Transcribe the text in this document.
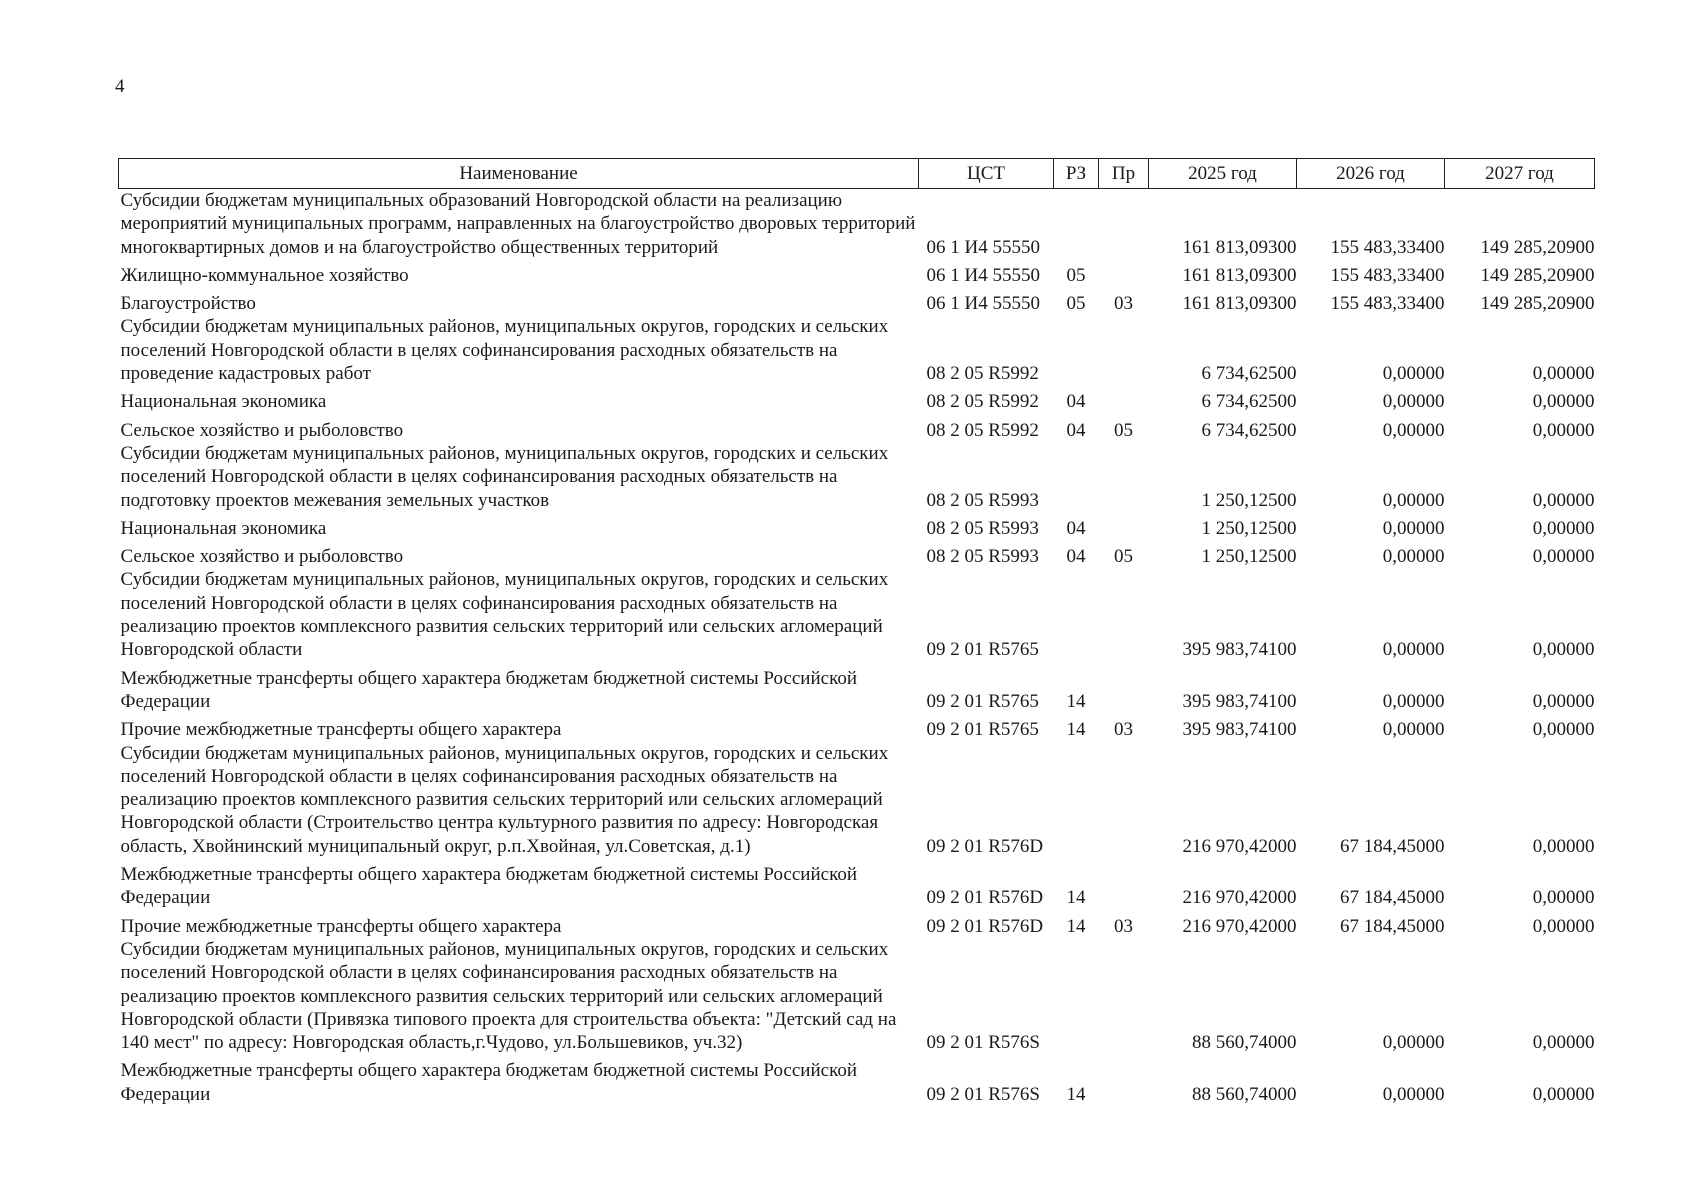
4
Наименование	ЦСТ	РЗ	Пр	2025 год	2026 год	2027 год
Субсидии бюджетам муниципальных образований Новгородской области на реализацию мероприятий муниципальных программ, направленных на благоустройство дворовых территорий многоквартирных домов и на благоустройство общественных территорий	06 1 И4 55550			161 813,09300	155 483,33400	149 285,20900
Жилищно-коммунальное хозяйство	06 1 И4 55550	05		161 813,09300	155 483,33400	149 285,20900
Благоустройство	06 1 И4 55550	05	03	161 813,09300	155 483,33400	149 285,20900
Субсидии бюджетам муниципальных районов, муниципальных округов, городских и сельских поселений Новгородской области в целях софинансирования расходных обязательств на проведение кадастровых работ	08 2 05 R5992			6 734,62500	0,00000	0,00000
Национальная экономика	08 2 05 R5992	04		6 734,62500	0,00000	0,00000
Сельское хозяйство и рыболовство	08 2 05 R5992	04	05	6 734,62500	0,00000	0,00000
Субсидии бюджетам муниципальных районов, муниципальных округов, городских и сельских поселений Новгородской области в целях софинансирования расходных обязательств на подготовку проектов межевания земельных участков	08 2 05 R5993			1 250,12500	0,00000	0,00000
Национальная экономика	08 2 05 R5993	04		1 250,12500	0,00000	0,00000
Сельское хозяйство и рыболовство	08 2 05 R5993	04	05	1 250,12500	0,00000	0,00000
Субсидии бюджетам муниципальных районов, муниципальных округов, городских и сельских поселений Новгородской области в целях софинансирования расходных обязательств на реализацию проектов комплексного развития сельских территорий или сельских агломераций Новгородской области	09 2 01 R5765			395 983,74100	0,00000	0,00000
Межбюджетные трансферты общего характера бюджетам бюджетной системы Российской Федерации	09 2 01 R5765	14		395 983,74100	0,00000	0,00000
Прочие межбюджетные трансферты общего характера	09 2 01 R5765	14	03	395 983,74100	0,00000	0,00000
Субсидии бюджетам муниципальных районов, муниципальных округов, городских и сельских поселений Новгородской области в целях софинансирования расходных обязательств на реализацию проектов комплексного развития сельских территорий или сельских агломераций Новгородской области (Строительство центра культурного развития по адресу: Новгородская область, Хвойнинский муниципальный округ, р.п.Хвойная, ул.Советская, д.1)	09 2 01 R576D			216 970,42000	67 184,45000	0,00000
Межбюджетные трансферты общего характера бюджетам бюджетной системы Российской Федерации	09 2 01 R576D	14		216 970,42000	67 184,45000	0,00000
Прочие межбюджетные трансферты общего характера	09 2 01 R576D	14	03	216 970,42000	67 184,45000	0,00000
Субсидии бюджетам муниципальных районов, муниципальных округов, городских и сельских поселений Новгородской области в целях софинансирования расходных обязательств на реализацию проектов комплексного развития сельских территорий или сельских агломераций Новгородской области (Привязка типового проекта для строительства объекта: "Детский сад на 140 мест" по адресу: Новгородская область,г.Чудово, ул.Большевиков, уч.32)	09 2 01 R576S			88 560,74000	0,00000	0,00000
Межбюджетные трансферты общего характера бюджетам бюджетной системы Российской Федерации	09 2 01 R576S	14		88 560,74000	0,00000	0,00000
